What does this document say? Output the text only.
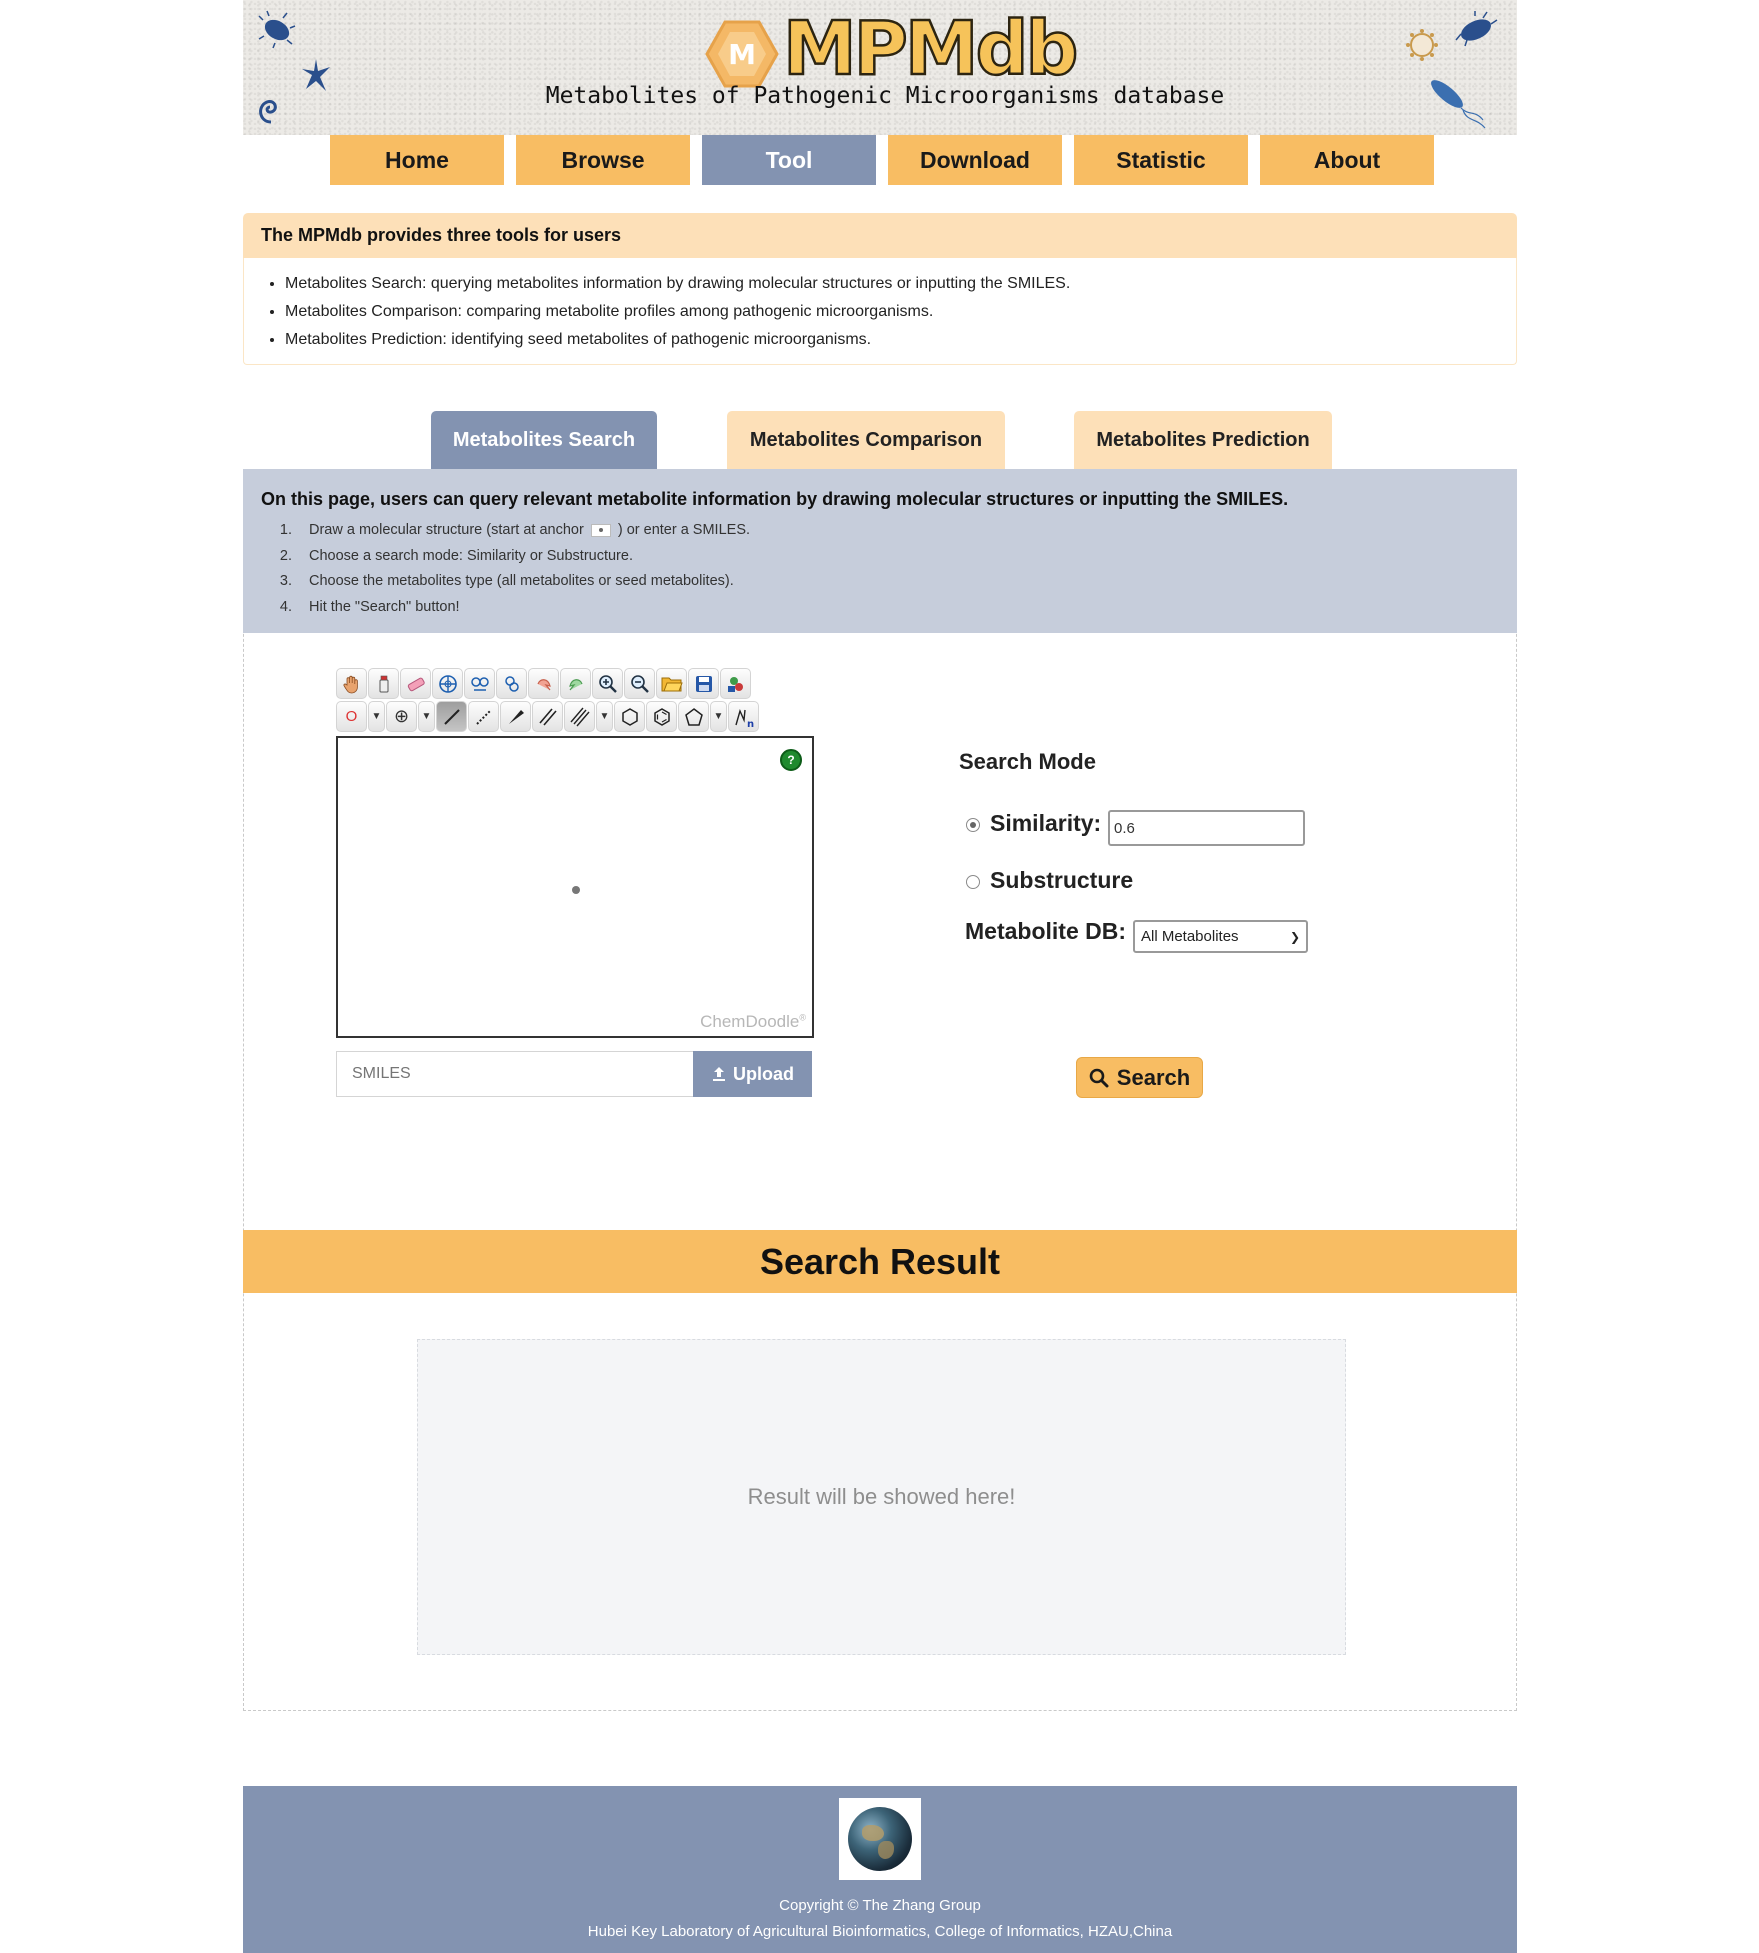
M MPMdb
Metabolites of Pathogenic Microorganisms database
Home	Browse	Tool	Download	Statistic	About
The MPMdb provides three tools for users
• Metabolites Search: querying metabolites information by drawing molecular structures or inputting the SMILES.
• Metabolites Comparison: comparing metabolite profiles among pathogenic microorganisms.
• Metabolites Prediction: identifying seed metabolites of pathogenic microorganisms.
Metabolites Search	Metabolites Comparison	Metabolites Prediction
On this page, users can query relevant metabolite information by drawing molecular structures or inputting the SMILES.
1. Draw a molecular structure (start at anchor ) or enter a SMILES.
2. Choose a search mode: Similarity or Substructure.
3. Choose the metabolites type (all metabolites or seed metabolites).
4. Hit the "Search" button!
O	▼ ⊕	▼	▼	▼
n
?
ChemDoodle®
SMILES
Upload
Search Mode
Similarity:
0.6
Substructure
Metabolite DB: All Metabolites	❯
Search
Search Result
Result will be showed here!
Copyright © The Zhang Group
Hubei Key Laboratory of Agricultural Bioinformatics, College of Informatics, HZAU,China
